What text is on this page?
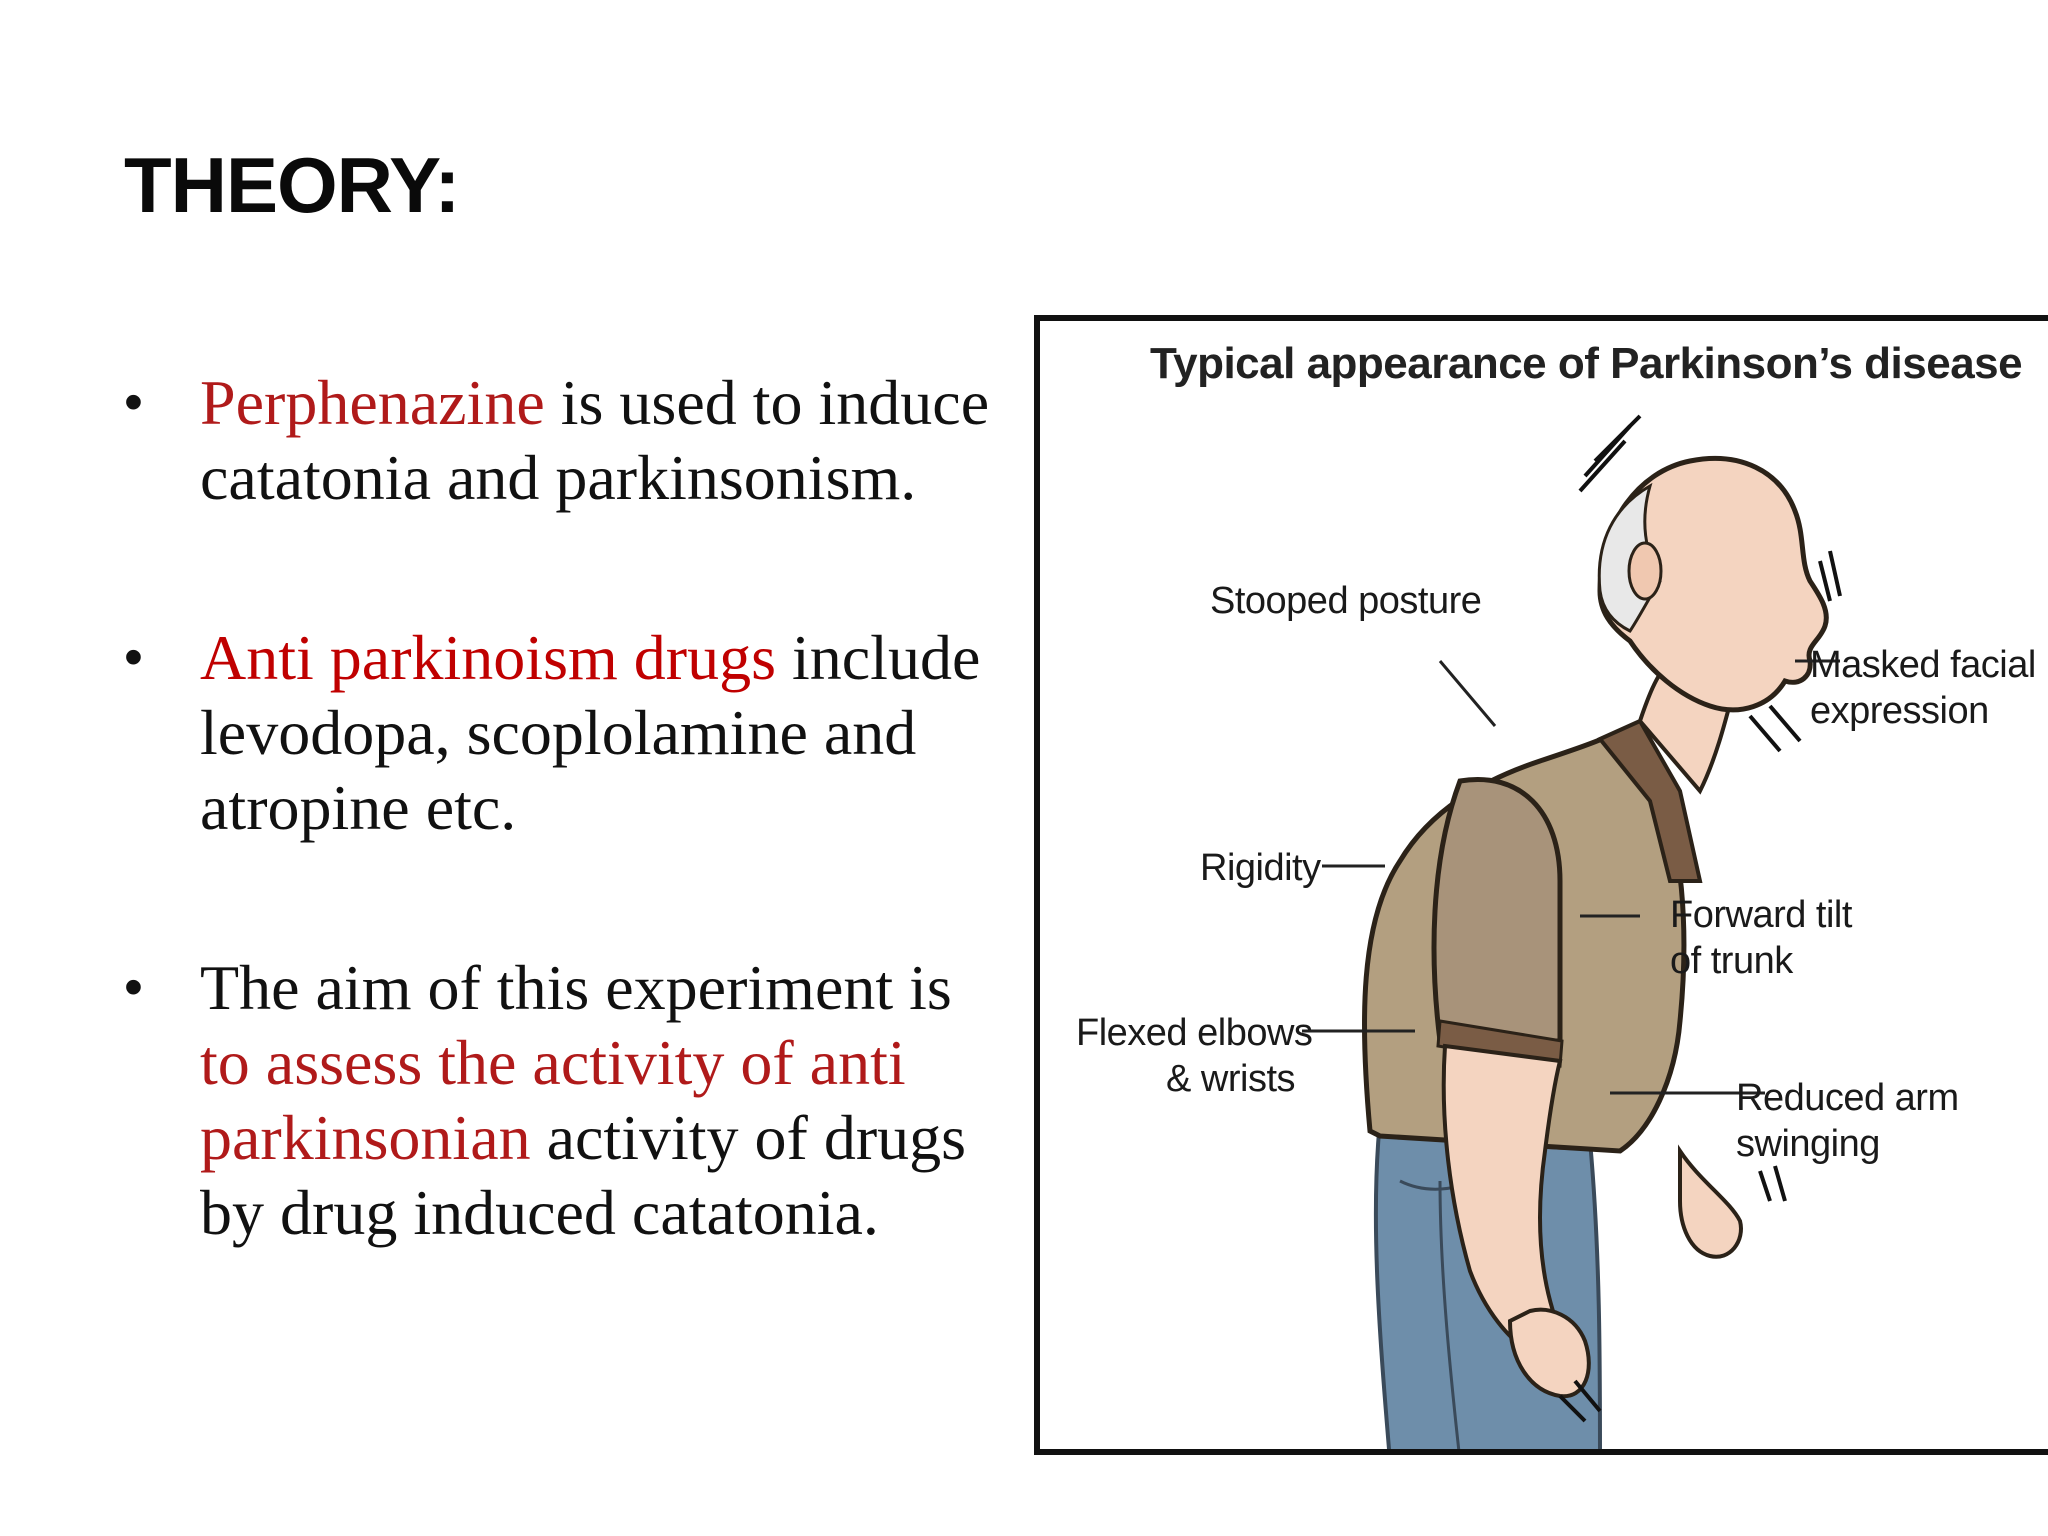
THEORY:
• Perphenazine is used to induce catatonia and parkinsonism.
• Anti parkinoism drugs include levodopa, scoplolamine and atropine etc.
• The aim of this experiment is to assess the activity of anti parkinsonian activity of drugs by drug induced catatonia.
Typical appearance of Parkinson’s disease
Stooped posture
Masked facial
expression
Rigidity
Forward tilt
of trunk
Flexed elbows
& wrists	Reduced arm
swinging
